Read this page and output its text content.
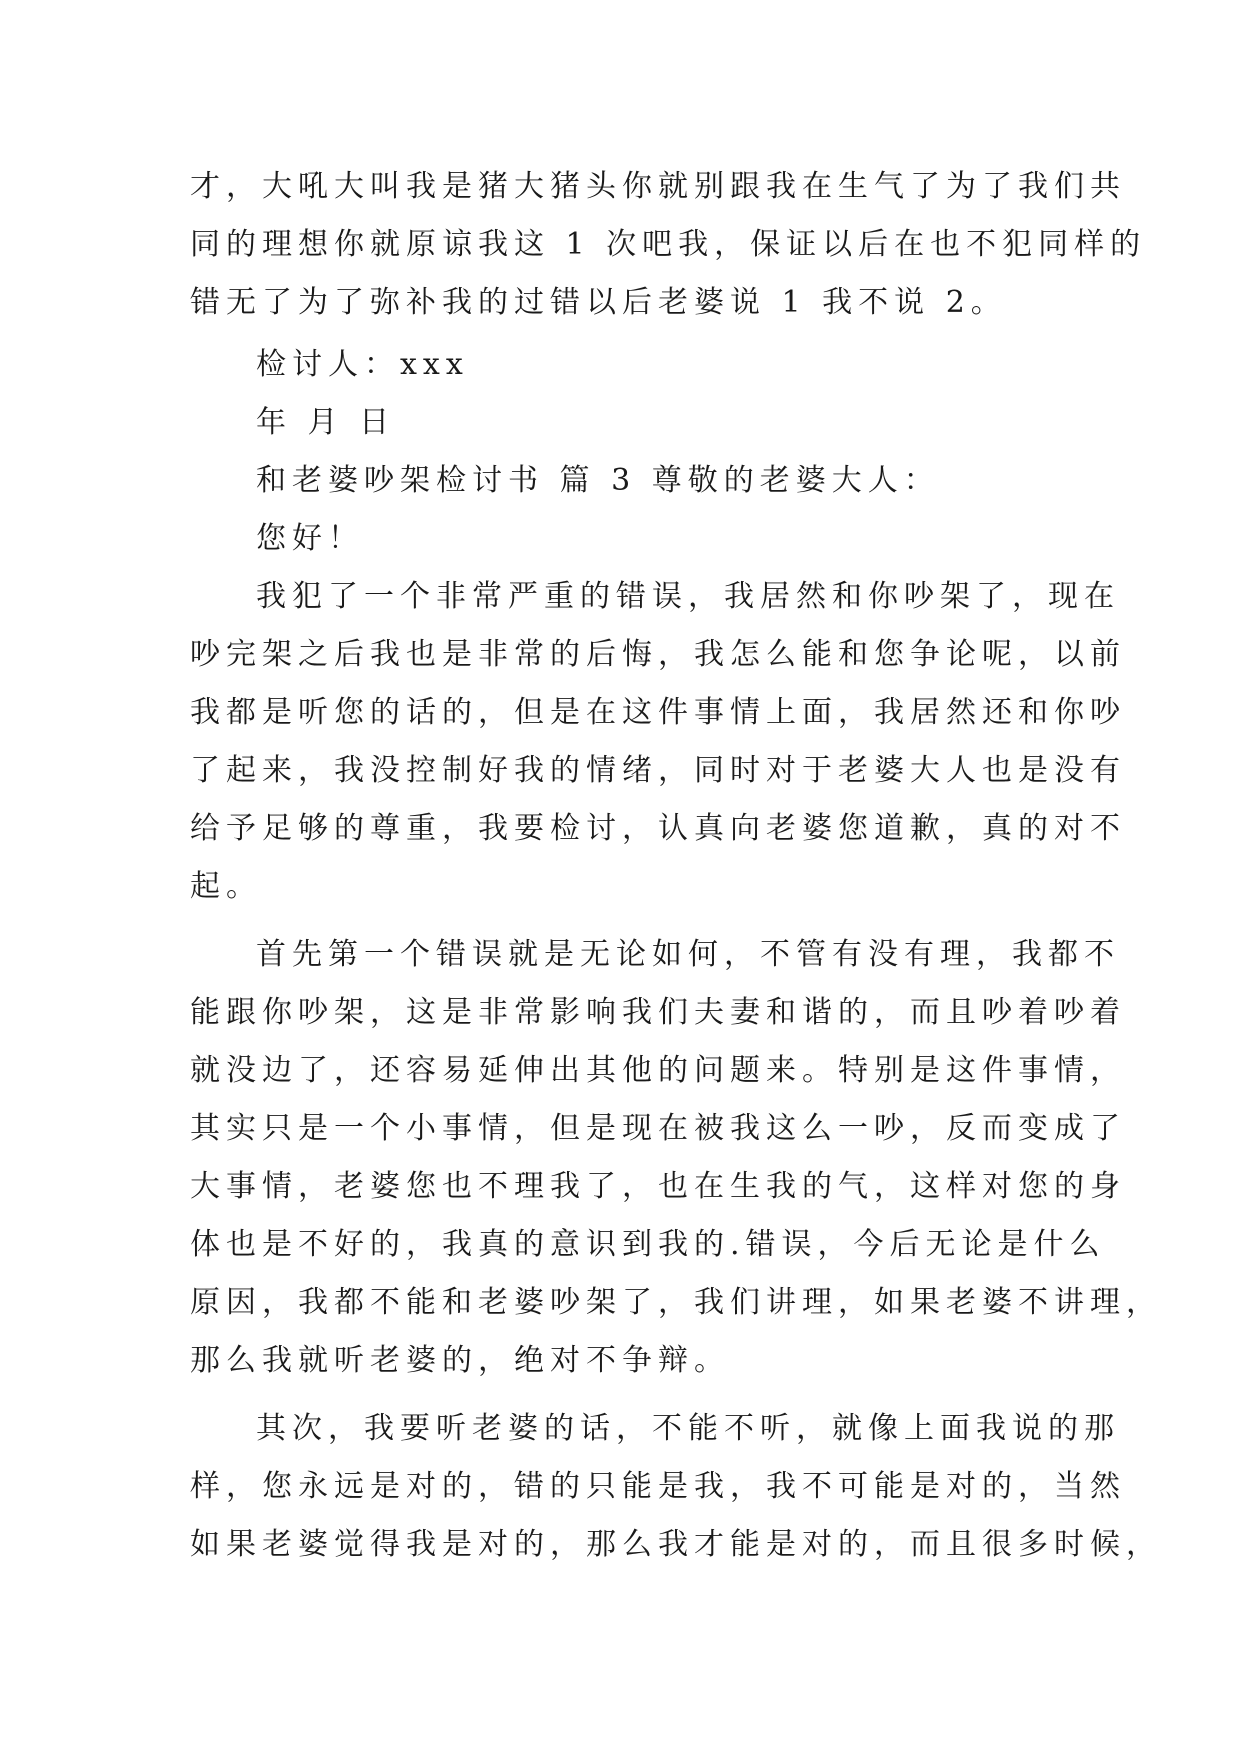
才，大吼大叫我是猪大猪头你就别跟我在生气了为了我们共
同的理想你就原谅我这 1 次吧我，保证以后在也不犯同样的
错无了为了弥补我的过错以后老婆说 1 我不说 2。
检讨人：xxx
年 月 日
和老婆吵架检讨书 篇 3 尊敬的老婆大人：
您好！
我犯了一个非常严重的错误，我居然和你吵架了，现在
吵完架之后我也是非常的后悔，我怎么能和您争论呢，以前
我都是听您的话的，但是在这件事情上面，我居然还和你吵
了起来，我没控制好我的情绪，同时对于老婆大人也是没有
给予足够的尊重，我要检讨，认真向老婆您道歉，真的对不
起。
首先第一个错误就是无论如何，不管有没有理，我都不
能跟你吵架，这是非常影响我们夫妻和谐的，而且吵着吵着
就没边了，还容易延伸出其他的问题来。特别是这件事情，
其实只是一个小事情，但是现在被我这么一吵，反而变成了
大事情，老婆您也不理我了，也在生我的气，这样对您的身
体也是不好的，我真的意识到我的.错误，今后无论是什么
原因，我都不能和老婆吵架了，我们讲理，如果老婆不讲理，
那么我就听老婆的，绝对不争辩。
其次，我要听老婆的话，不能不听，就像上面我说的那
样，您永远是对的，错的只能是我，我不可能是对的，当然
如果老婆觉得我是对的，那么我才能是对的，而且很多时候，
